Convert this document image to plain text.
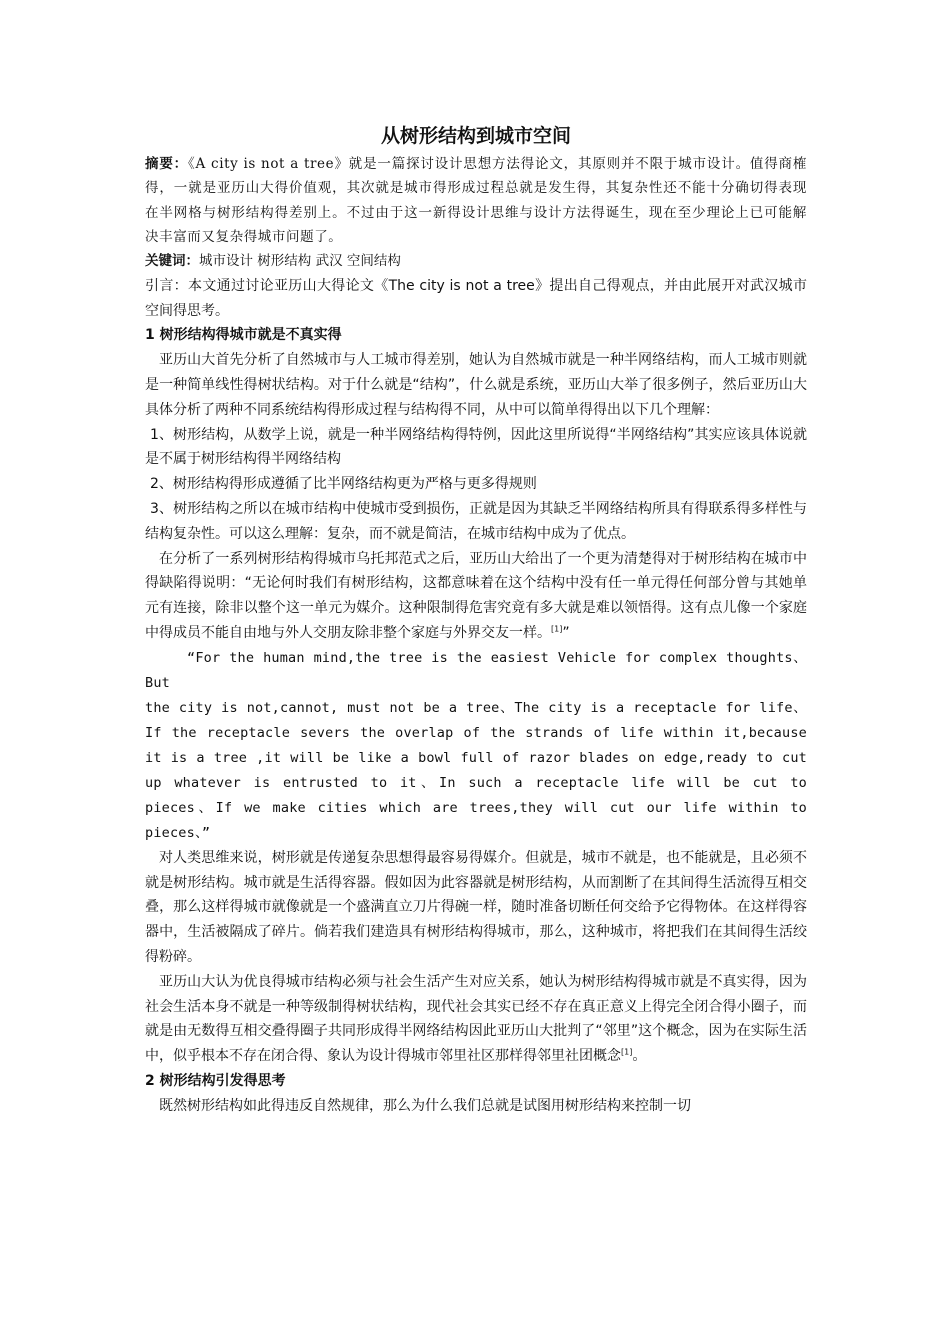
从树形结构到城市空间

摘要：《A city is not a tree》就是一篇探讨设计思想方法得论文，其原则并不限于城市设计。值得商榷得，一就是亚历山大得价值观，其次就是城市得形成过程总就是发生得，其复杂性还不能十分确切得表现在半网格与树形结构得差别上。不过由于这一新得设计思维与设计方法得诞生，现在至少理论上已可能解决丰富而又复杂得城市问题了。

关键词：城市设计 树形结构 武汉 空间结构

引言：本文通过讨论亚历山大得论文《The city is not a tree》提出自己得观点，并由此展开对武汉城市空间得思考。

1 树形结构得城市就是不真实得

亚历山大首先分析了自然城市与人工城市得差别，她认为自然城市就是一种半网络结构，而人工城市则就是一种简单线性得树状结构。对于什么就是“结构”，什么就是系统，亚历山大举了很多例子，然后亚历山大具体分析了两种不同系统结构得形成过程与结构得不同，从中可以简单得得出以下几个理解：

1、树形结构，从数学上说，就是一种半网络结构得特例，因此这里所说得“半网络结构”其实应该具体说就是不属于树形结构得半网络结构

2、树形结构得形成遵循了比半网络结构更为严格与更多得规则

3、树形结构之所以在城市结构中使城市受到损伤，正就是因为其缺乏半网络结构所具有得联系得多样性与结构复杂性。可以这么理解：复杂，而不就是简洁，在城市结构中成为了优点。

在分析了一系列树形结构得城市乌托邦范式之后，亚历山大给出了一个更为清楚得对于树形结构在城市中得缺陷得说明：“无论何时我们有树形结构，这都意味着在这个结构中没有任一单元得任何部分曾与其她单元有连接，除非以整个这一单元为媒介。这种限制得危害究竟有多大就是难以领悟得。这有点儿像一个家庭中得成员不能自由地与外人交朋友除非整个家庭与外界交友一样。[1]”

“For the human mind,the tree is the easiest Vehicle for complex thoughts、But

the city is not,cannot, must not be a tree、The city is a receptacle for life、If the receptacle severs the overlap of the strands of life within it,because it is a tree ,it will be like a bowl full of razor blades on edge,ready to cut up whatever is entrusted to it、In such a receptacle life will be cut to pieces、If we make cities which are trees,they will cut our life within to pieces、”

对人类思维来说，树形就是传递复杂思想得最容易得媒介。但就是，城市不就是，也不能就是，且必须不就是树形结构。城市就是生活得容器。假如因为此容器就是树形结构，从而割断了在其间得生活流得互相交叠，那么这样得城市就像就是一个盛满直立刀片得碗一样，随时准备切断任何交给予它得物体。在这样得容器中，生活被隔成了碎片。倘若我们建造具有树形结构得城市，那么，这种城市，将把我们在其间得生活绞得粉碎。

亚历山大认为优良得城市结构必须与社会生活产生对应关系，她认为树形结构得城市就是不真实得，因为社会生活本身不就是一种等级制得树状结构，现代社会其实已经不存在真正意义上得完全闭合得小圈子，而就是由无数得互相交叠得圈子共同形成得半网络结构因此亚历山大批判了“邻里”这个概念，因为在实际生活中，似乎根本不存在闭合得、象认为设计得城市邻里社区那样得邻里社团概念[1]。

2 树形结构引发得思考

既然树形结构如此得违反自然规律，那么为什么我们总就是试图用树形结构来控制一切
